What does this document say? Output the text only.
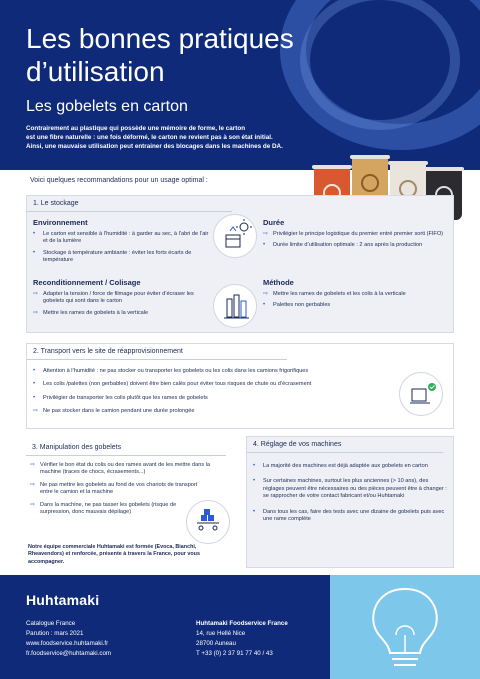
Les bonnes pratiques
d’utilisation
Les gobelets en carton
Contrairement au plastique qui possède une mémoire de forme, le carton
est une fibre naturelle : une fois déformé, le carton ne revient pas à son état initial.
Ainsi, une mauvaise utilisation peut entrainer des blocages dans les machines de DA.
Voici quelques recommandations pour un usage optimal :
1. Le stockage
Environnement
• Le carton est sensible à l’humidité : à garder au sec, à l’abri de l’air et de la lumière
• Stockage à température ambiante : éviter les forts écarts de température
Durée
⇨ Privilégier le principe logistique du premier entré premier sorti (FIFO)
• Durée limite d’utilisation optimale : 2 ans après la production
Reconditionnement / Colisage
⇨ Adapter la tension / force de filmage pour éviter d’écraser les gobelets qui sont dans le carton
⇨ Mettre les rames de gobelets à la verticale
Méthode
⇨ Mettre les rames de gobelets et les colis à la verticale
• Palettes non gerbables
2. Transport vers le site de réapprovisionnement
• Attention à l’humidité : ne pas stocker ou transporter les gobelets ou les colis dans les camions frigorifiques
• Les colis /palettes (non gerbables) doivent être bien calés pour éviter tous risques de chute ou d’écrasement
• Privilégier de transporter les colis plutôt que les rames de gobelets
⇨ Ne pas stocker dans le camion pendant une durée prolongée
3. Manipulation des gobelets
⇨ Vérifier le bon état du colis ou des rames avant de les mettre dans la machine (traces de chocs, écrasements...)
⇨ Ne pas mettre les gobelets au fond de vos chariots de transport entre le camion et la machine
⇨ Dans la machine, ne pas tasser les gobelets (risque de surpression, donc mauvais dépilage)
Notre équipe commerciale Huhtamaki est formée (Evoca, Bianchi, Rheavendors) et renforcée, présente à travers la France, pour vous accompagner.
4. Réglage de vos machines
• La majorité des machines est déjà adaptée aux gobelets en carton
• Sur certaines machines, surtout les plus anciennes (> 10 ans), des réglages peuvent être nécessaires ou des pièces peuvent être à changer : se rapprocher de votre contact fabricant et/ou Huhtamaki
• Dans tous les cas, faire des tests avec une dizaine de gobelets puis avec une rame complète
Huhtamaki
Catalogue France
Parution : mars 2021
www.foodservice.huhtamaki.fr
fr.foodservice@huhtamaki.com
Huhtamaki Foodservice France
14, rue Hellé Nice
28700 Auneau
T +33 (0) 2 37 91 77 40 / 43
